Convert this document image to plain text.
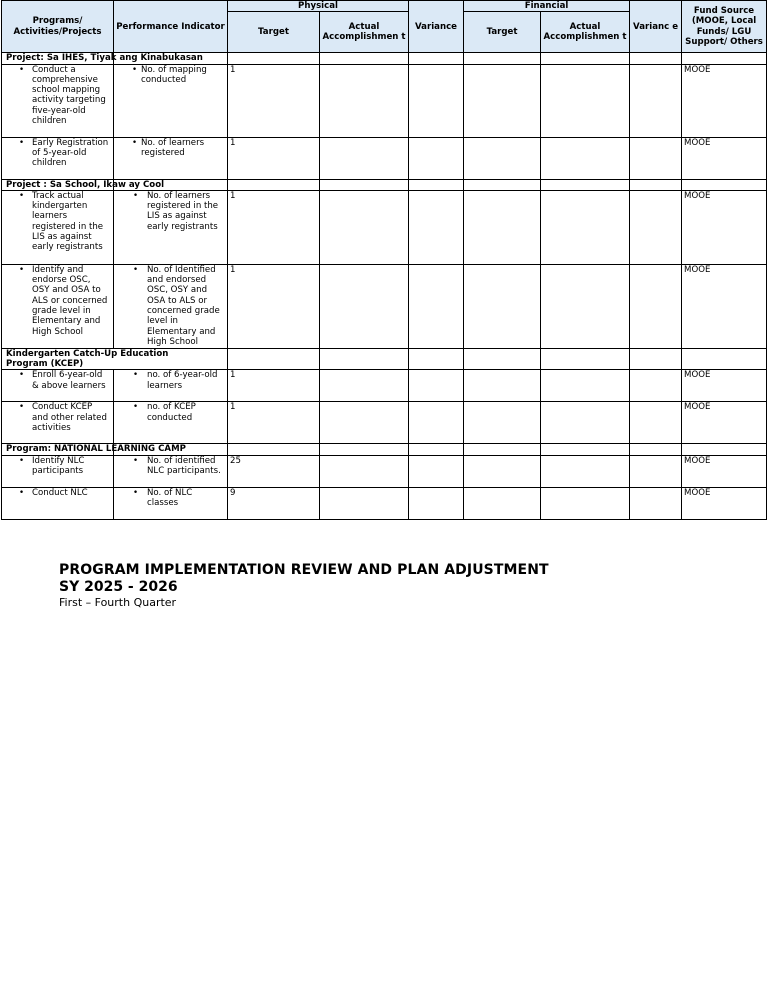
Programs/ Activities/Projects	Performance Indicator	Physical		Variance	Financial		Varianc e	Fund Source (MOOE, Local Funds/ LGU Support/ Others
		Target	Actual Accomplishmen t		Target	Actual Accomplishmen t		
Project: Sa IHES, Tiyak ang Kinabukasan								

• Conduct a comprehensive school mapping activity targeting five-year-old children	• No. of mapping conducted	1						MOOE

• Early Registration of 5-year-old children	• No. of learners registered	1						MOOE
Project : Sa School, Ikaw ay Cool								

• Track actual kindergarten learners registered in the LIS as against early registrants	• No. of learners registered in the LIS as against early registrants	1						MOOE

• Identify and endorse OSC, OSY and OSA to ALS or concerned grade level in Elementary and High School	• No. of Identified and endorsed OSC, OSY and OSA to ALS or concerned grade level in Elementary and High School	1						MOOE

Kindergarten Catch-Up Education Program (KCEP)								

• Enroll 6-year-old & above learners	• no. of 6-year-old learners	1						MOOE

• Conduct KCEP and other related activities	• no. of KCEP conducted	1						MOOE
Program: NATIONAL LEARNING CAMP								

• Identify NLC participants	• No. of identified NLC participants.	25						MOOE

• Conduct NLC	• No. of NLC classes	9						MOOE
PROGRAM IMPLEMENTATION REVIEW AND PLAN ADJUSTMENT
SY 2025 - 2026
First – Fourth Quarter
